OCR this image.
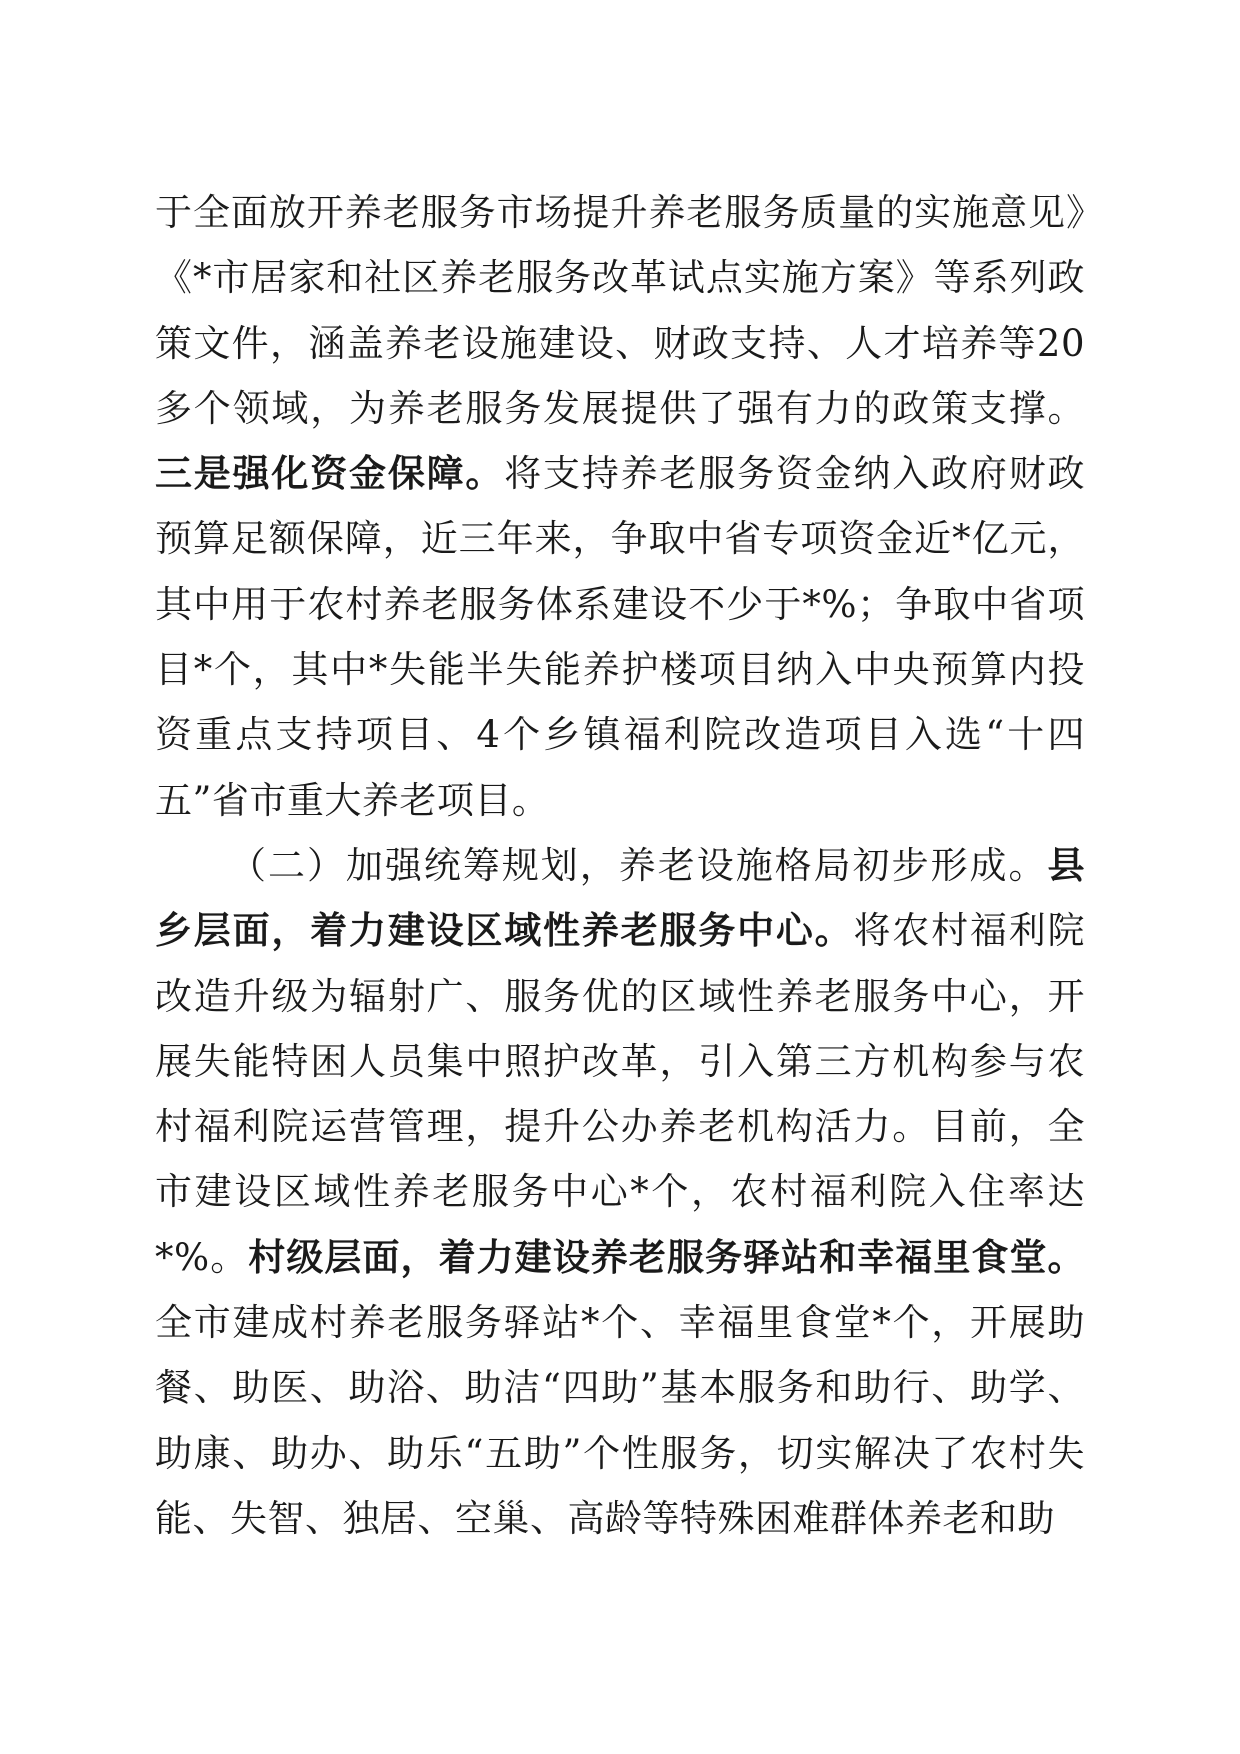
于全面放开养老服务市场提升养老服务质量的实施意见》《*市居家和社区养老服务改革试点实施方案》等系列政策文件，涵盖养老设施建设、财政支持、人才培养等20多个领域，为养老服务发展提供了强有力的政策支撑。三是强化资金保障。将支持养老服务资金纳入政府财政预算足额保障，近三年来，争取中省专项资金近*亿元，其中用于农村养老服务体系建设不少于*%；争取中省项目*个，其中*失能半失能养护楼项目纳入中央预算内投资重点支持项目、4个乡镇福利院改造项目入选“十四五”省市重大养老项目。

（二）加强统筹规划，养老设施格局初步形成。县乡层面，着力建设区域性养老服务中心。将农村福利院改造升级为辐射广、服务优的区域性养老服务中心，开展失能特困人员集中照护改革，引入第三方机构参与农村福利院运营管理，提升公办养老机构活力。目前，全市建设区域性养老服务中心*个，农村福利院入住率达*%。村级层面，着力建设养老服务驿站和幸福里食堂。全市建成村养老服务驿站*个、幸福里食堂*个，开展助餐、助医、助浴、助洁“四助”基本服务和助行、助学、助康、助办、助乐“五助”个性服务，切实解决了农村失能、失智、独居、空巢、高龄等特殊困难群体养老和助
